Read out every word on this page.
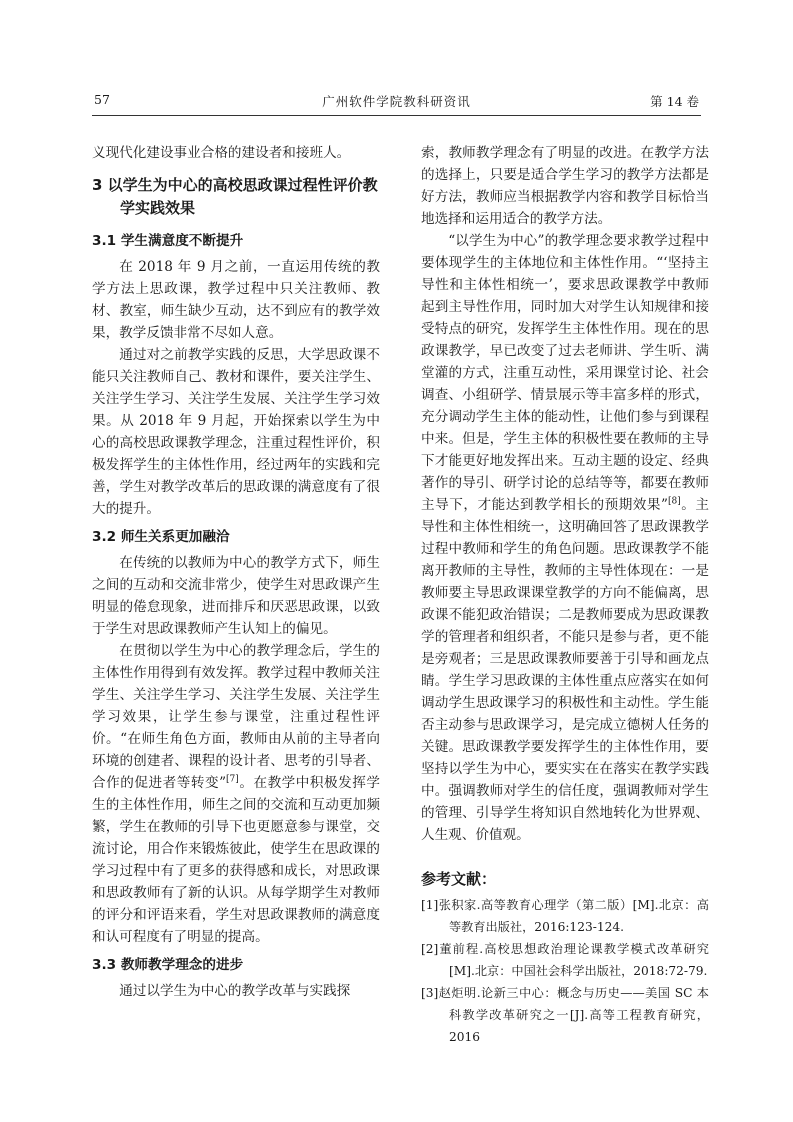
57	广州软件学院教科研资讯	第 14 卷

义现代化建设事业合格的建设者和接班人。

3 以学生为中心的高校思政课过程性评价教学实践效果
3.1 学生满意度不断提升

在 2018 年 9 月之前，一直运用传统的教学方法上思政课，教学过程中只关注教师、教材、教室，师生缺少互动，达不到应有的教学效果，教学反馈非常不尽如人意。

通过对之前教学实践的反思，大学思政课不能只关注教师自己、教材和课件，要关注学生、关注学生学习、关注学生发展、关注学生学习效果。从 2018 年 9 月起，开始探索以学生为中心的高校思政课教学理念，注重过程性评价，积极发挥学生的主体性作用，经过两年的实践和完善，学生对教学改革后的思政课的满意度有了很大的提升。

3.2 师生关系更加融洽

在传统的以教师为中心的教学方式下，师生之间的互动和交流非常少，使学生对思政课产生明显的倦怠现象，进而排斥和厌恶思政课，以致于学生对思政课教师产生认知上的偏见。

在贯彻以学生为中心的教学理念后，学生的主体性作用得到有效发挥。教学过程中教师关注学生、关注学生学习、关注学生发展、关注学生学习效果，让学生参与课堂，注重过程性评价。“在师生角色方面，教师由从前的主导者向环境的创建者、课程的设计者、思考的引导者、合作的促进者等转变”[7]。在教学中积极发挥学生的主体性作用，师生之间的交流和互动更加频繁，学生在教师的引导下也更愿意参与课堂，交流讨论，用合作来锻炼彼此，使学生在思政课的学习过程中有了更多的获得感和成长，对思政课和思政教师有了新的认识。从每学期学生对教师的评分和评语来看，学生对思政课教师的满意度和认可程度有了明显的提高。

3.3 教师教学理念的进步

通过以学生为中心的教学改革与实践探

索，教师教学理念有了明显的改进。在教学方法的选择上，只要是适合学生学习的教学方法都是好方法，教师应当根据教学内容和教学目标恰当地选择和运用适合的教学方法。

“以学生为中心”的教学理念要求教学过程中要体现学生的主体地位和主体性作用。“‘坚持主导性和主体性相统一’，要求思政课教学中教师起到主导性作用，同时加大对学生认知规律和接受特点的研究，发挥学生主体性作用。现在的思政课教学，早已改变了过去老师讲、学生听、满堂灌的方式，注重互动性，采用课堂讨论、社会调查、小组研学、情景展示等丰富多样的形式，充分调动学生主体的能动性，让他们参与到课程中来。但是，学生主体的积极性要在教师的主导下才能更好地发挥出来。互动主题的设定、经典著作的导引、研学讨论的总结等等，都要在教师主导下，才能达到教学相长的预期效果”[8]。主导性和主体性相统一，这明确回答了思政课教学过程中教师和学生的角色问题。思政课教学不能离开教师的主导性，教师的主导性体现在：一是教师要主导思政课课堂教学的方向不能偏离，思政课不能犯政治错误；二是教师要成为思政课教学的管理者和组织者，不能只是参与者，更不能是旁观者；三是思政课教师要善于引导和画龙点睛。学生学习思政课的主体性重点应落实在如何调动学生思政课学习的积极性和主动性。学生能否主动参与思政课学习，是完成立德树人任务的关键。思政课教学要发挥学生的主体性作用，要坚持以学生为中心，要实实在在落实在教学实践中。强调教师对学生的信任度，强调教师对学生的管理、引导学生将知识自然地转化为世界观、人生观、价值观。

参考文献：

[1]张积家.高等教育心理学（第二版）[M].北京：高等教育出版社，2016:123-124.

[2]董前程.高校思想政治理论课教学模式改革研究[M].北京：中国社会科学出版社，2018:72-79.

[3]赵炬明.论新三中心：概念与历史——美国 SC 本科教学改革研究之一[J].高等工程教育研究，2016
